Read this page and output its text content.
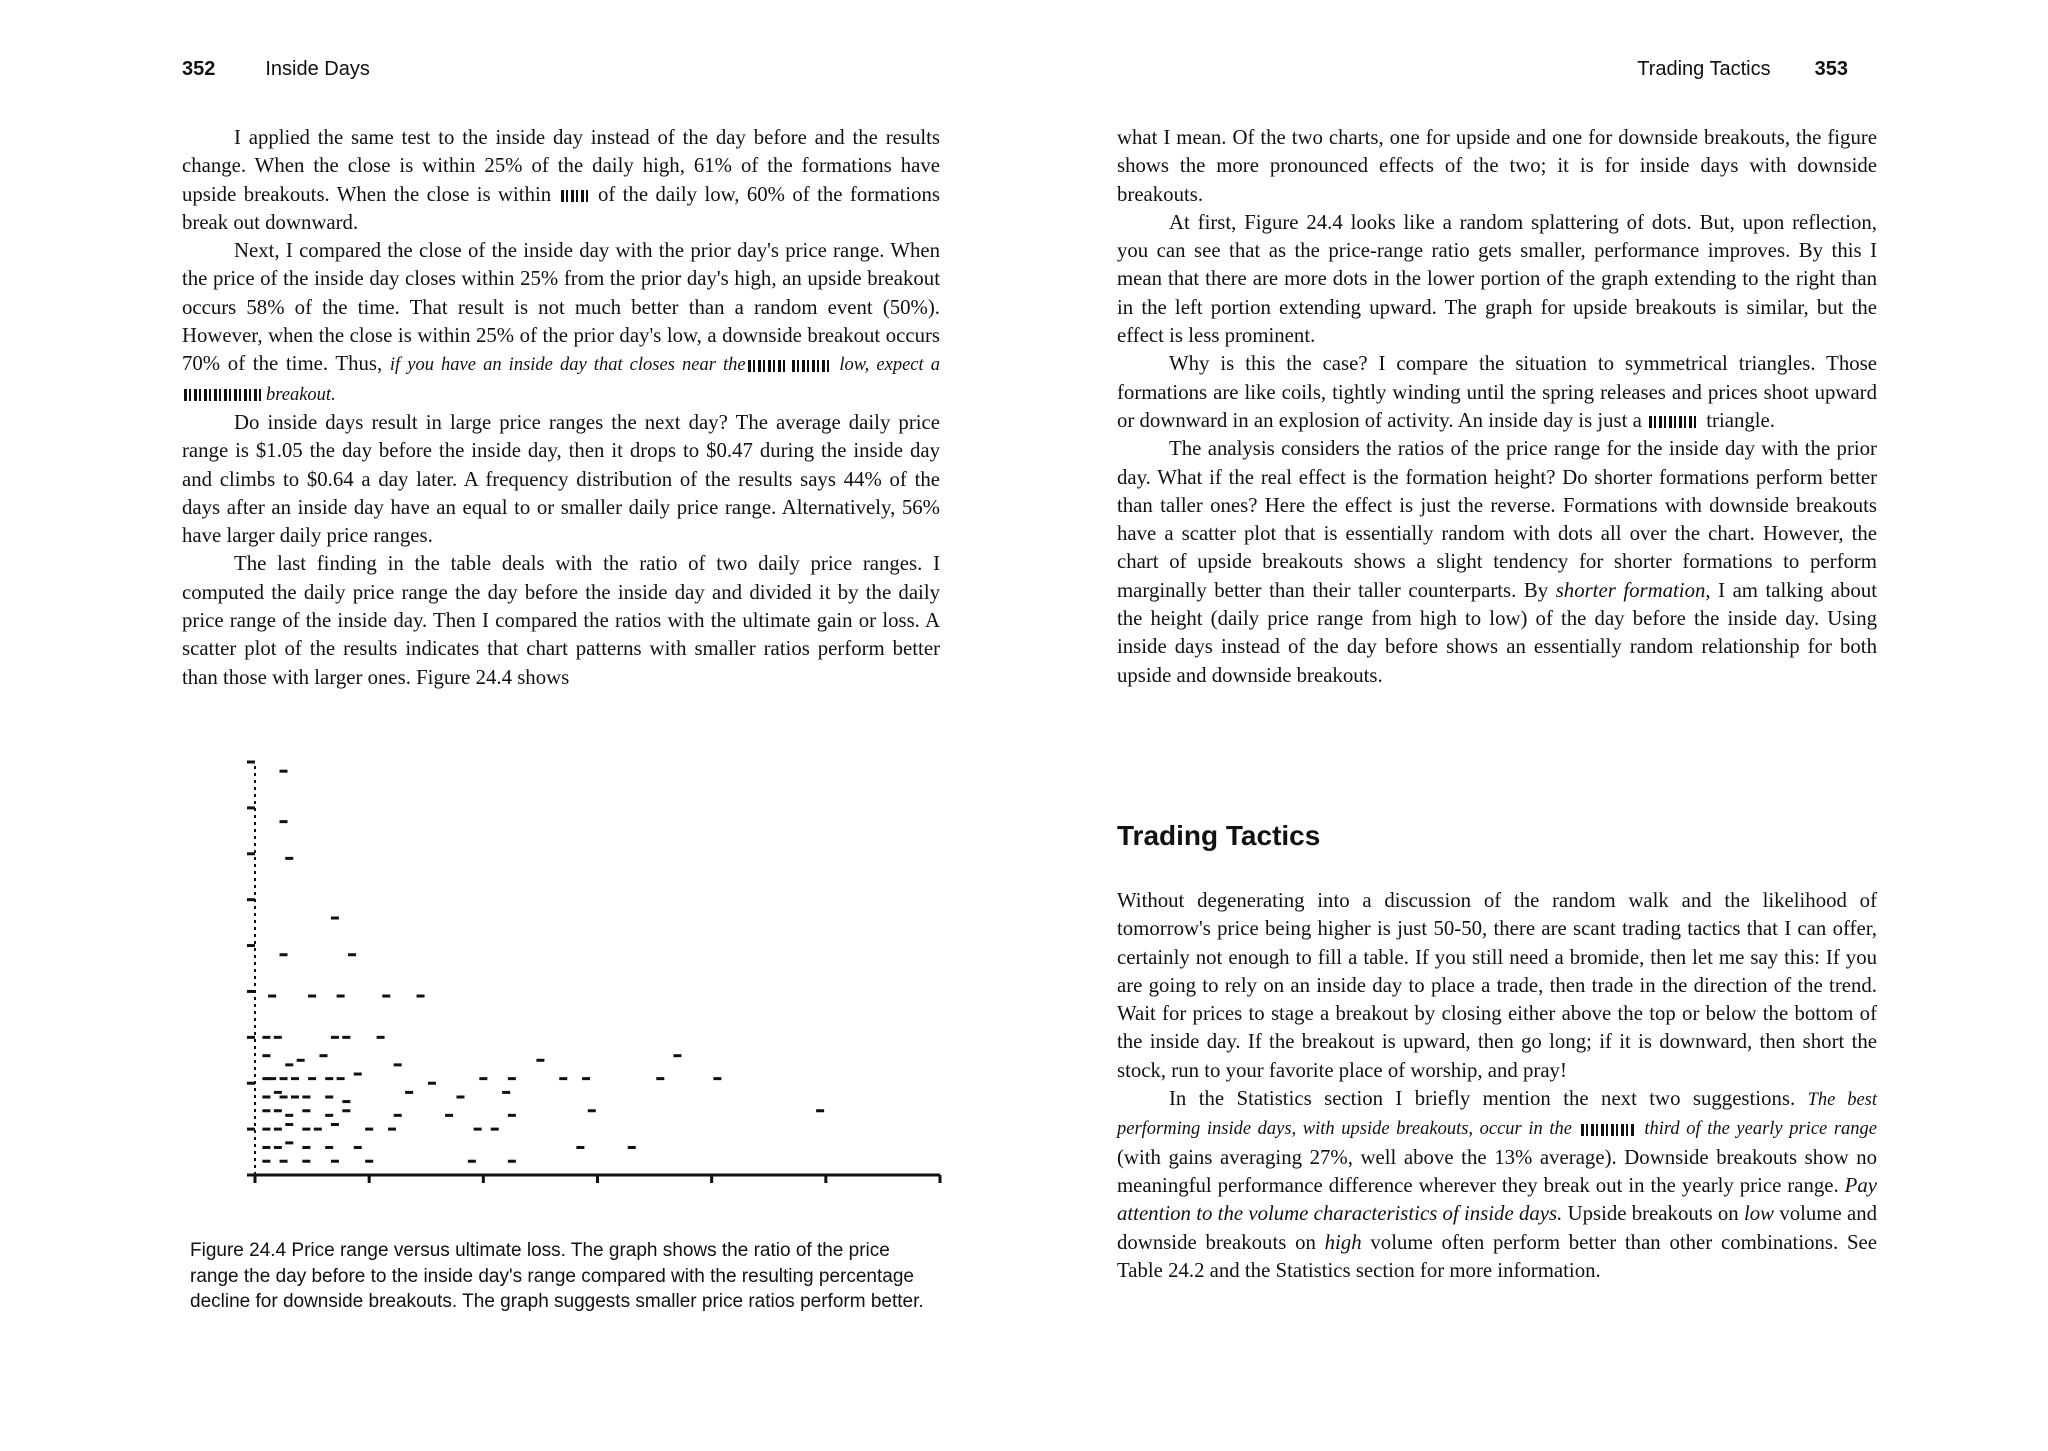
352	Inside Days

I applied the same test to the inside day instead of the day before and the results change. When the close is within 25% of the daily high, 61% of the formations have upside breakouts. When the close is within of the daily low, 60% of the formations break out downward.

Next, I compared the close of the inside day with the prior day's price range. When the price of the inside day closes within 25% from the prior day's high, an upside breakout occurs 58% of the time. That result is not much better than a random event (50%). However, when the close is within 25% of the prior day's low, a downside breakout occurs 70% of the time. Thus, if you have an inside day that closes near the	low, expect a breakout.

Do inside days result in large price ranges the next day? The average daily price range is $1.05 the day before the inside day, then it drops to $0.47 during the inside day and climbs to $0.64 a day later. A frequency distribution of the results says 44% of the days after an inside day have an equal to or smaller daily price range. Alternatively, 56% have larger daily price ranges.

The last finding in the table deals with the ratio of two daily price ranges. I computed the daily price range the day before the inside day and divided it by the daily price range of the inside day. Then I compared the ratios with the ultimate gain or loss. A scatter plot of the results indicates that chart patterns with smaller ratios perform better than those with larger ones. Figure 24.4 shows

Figure 24.4 Price range versus ultimate loss. The graph shows the ratio of the price range the day before to the inside day's range compared with the resulting percentage decline for downside breakouts. The graph suggests smaller price ratios perform better.
Trading Tactics 353

what I mean. Of the two charts, one for upside and one for downside breakouts, the figure shows the more pronounced effects of the two; it is for inside days with downside breakouts.

At first, Figure 24.4 looks like a random splattering of dots. But, upon reflection, you can see that as the price-range ratio gets smaller, performance improves. By this I mean that there are more dots in the lower portion of the graph extending to the right than in the left portion extending upward. The graph for upside breakouts is similar, but the effect is less prominent.

Why is this the case? I compare the situation to symmetrical triangles. Those formations are like coils, tightly winding until the spring releases and prices shoot upward or downward in an explosion of activity. An inside day is just a	triangle.

The analysis considers the ratios of the price range for the inside day with the prior day. What if the real effect is the formation height? Do shorter formations perform better than taller ones? Here the effect is just the reverse. Formations with downside breakouts have a scatter plot that is essentially random with dots all over the chart. However, the chart of upside breakouts shows a slight tendency for shorter formations to perform marginally better than their taller counterparts. By shorter formation, I am talking about the height (daily price range from high to low) of the day before the inside day. Using inside days instead of the day before shows an essentially random relationship for both upside and downside breakouts.

Trading Tactics

Without degenerating into a discussion of the random walk and the likelihood of tomorrow's price being higher is just 50-50, there are scant trading tactics that I can offer, certainly not enough to fill a table. If you still need a bromide, then let me say this: If you are going to rely on an inside day to place a trade, then trade in the direction of the trend. Wait for prices to stage a breakout by closing either above the top or below the bottom of the inside day. If the breakout is upward, then go long; if it is downward, then short the stock, run to your favorite place of worship, and pray!

In the Statistics section I briefly mention the next two suggestions. The best performing inside days, with upside breakouts, occur in the	third of the yearly price range (with gains averaging 27%, well above the 13% average). Downside breakouts show no meaningful performance difference wherever they break out in the yearly price range. Pay attention to the volume characteristics of inside days. Upside breakouts on low volume and downside breakouts on high volume often perform better than other combinations. See Table 24.2 and the Statistics section for more information.
